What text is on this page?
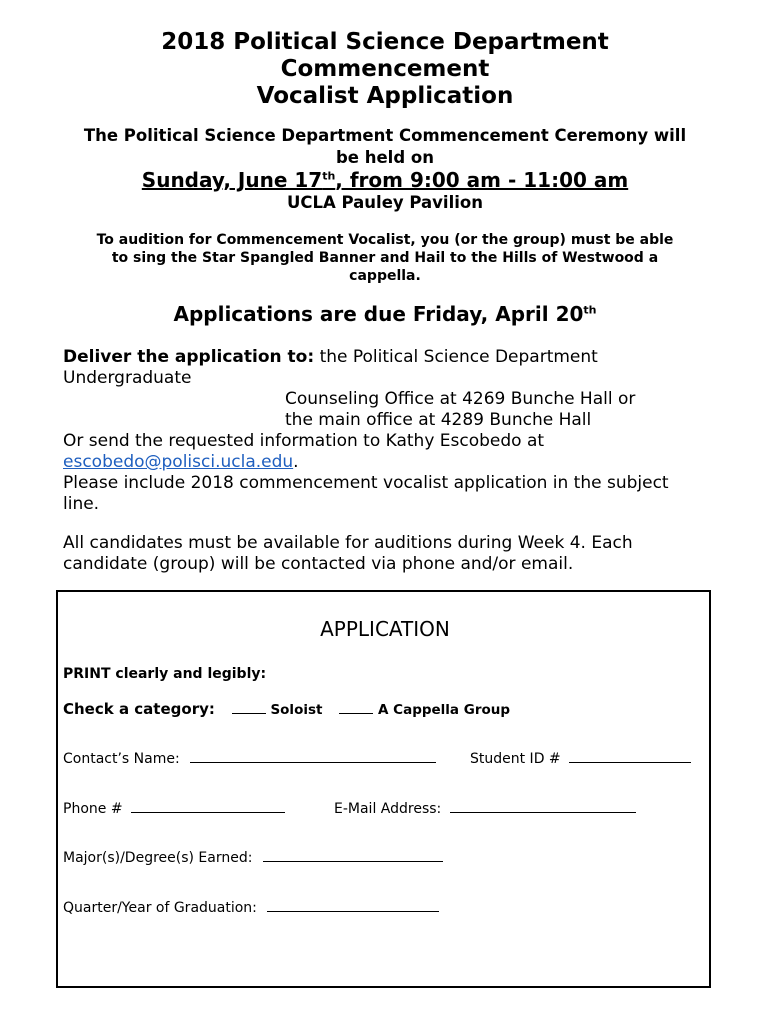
2018 Political Science Department
Commencement
Vocalist Application
The Political Science Department Commencement Ceremony will
be held on
Sunday, June 17th, from 9:00 am - 11:00 am
UCLA Pauley Pavilion
To audition for Commencement Vocalist, you (or the group) must be able
to sing the Star Spangled Banner and Hail to the Hills of Westwood a
cappella.
Applications are due Friday, April 20th
Deliver the application to: the Political Science Department
Undergraduate
Counseling Office at 4269 Bunche Hall or
the main office at 4289 Bunche Hall
Or send the requested information to Kathy Escobedo at
escobedo@polisci.ucla.edu.
Please include 2018 commencement vocalist application in the subject
line.
All candidates must be available for auditions during Week 4. Each
candidate (group) will be contacted via phone and/or email.
APPLICATION
PRINT clearly and legibly:
Check a category:	Soloist	A Cappella Group
Contact’s Name:	Student ID #
Phone #	E-Mail Address:
Major(s)/Degree(s) Earned:
Quarter/Year of Graduation:
